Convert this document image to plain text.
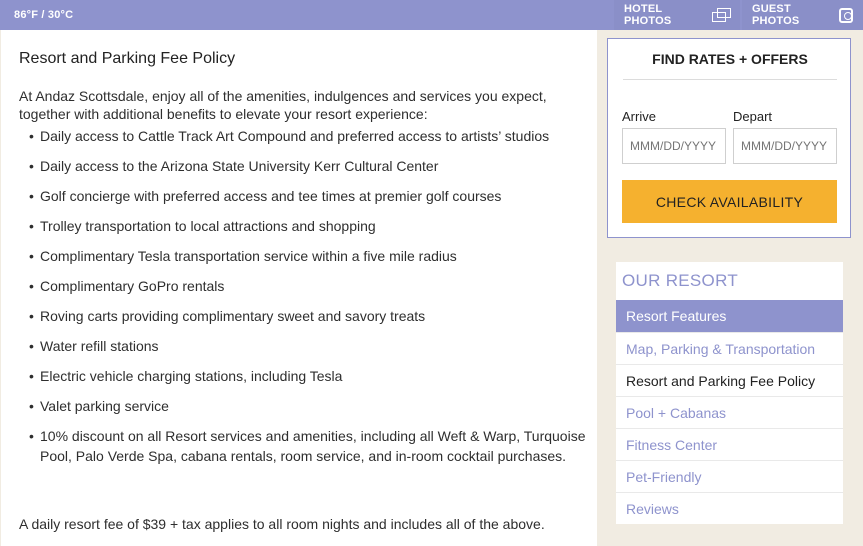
86°F / 30°C	HOTEL PHOTOS
GUEST PHOTOS
Resort and Parking Fee Policy

At Andaz Scottsdale, enjoy all of the amenities, indulgences and services you expect, together with additional benefits to elevate your resort experience:

• Daily access to Cattle Track Art Compound and preferred access to artists’ studios
• Daily access to the Arizona State University Kerr Cultural Center
• Golf concierge with preferred access and tee times at premier golf courses
• Trolley transportation to local attractions and shopping
• Complimentary Tesla transportation service within a five mile radius
• Complimentary GoPro rentals
• Roving carts providing complimentary sweet and savory treats
• Water refill stations
• Electric vehicle charging stations, including Tesla
• Valet parking service
• 10% discount on all Resort services and amenities, including all Weft & Warp, Turquoise Pool, Palo Verde Spa, cabana rentals, room service, and in-room cocktail purchases.

A daily resort fee of $39 + tax applies to all room nights and includes all of the above.

FIND RATES + OFFERS
Arrive	Depart
MMM/DD/YYYY
MMM/DD/YYYY
CHECK AVAILABILITY
OUR RESORT
Resort Features
Map, Parking & Transportation
Resort and Parking Fee Policy
Pool + Cabanas
Fitness Center
Pet-Friendly
Reviews
